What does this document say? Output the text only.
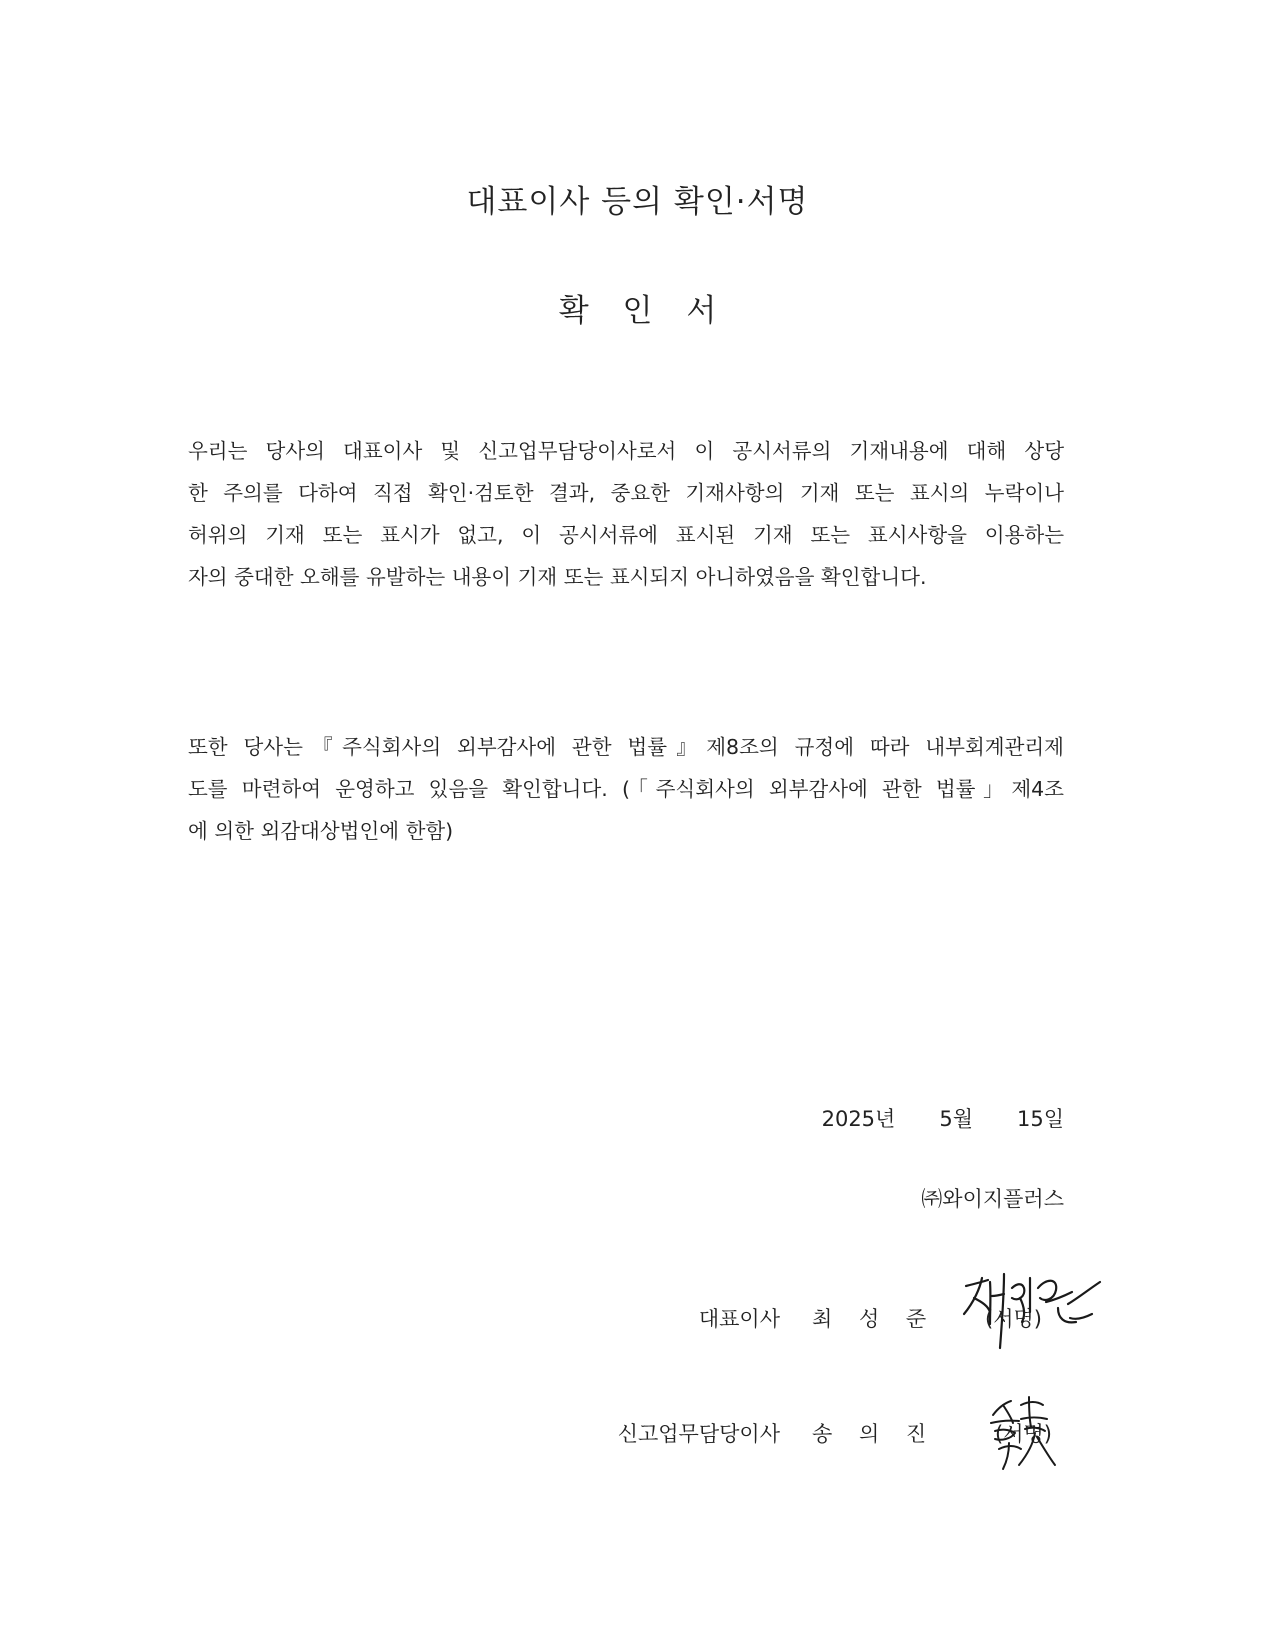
대표이사 등의 확인·서명
확 인 서

우리는 당사의 대표이사 및 신고업무담당이사로서 이 공시서류의 기재내용에 대해 상당
한 주의를 다하여 직접 확인·검토한 결과, 중요한 기재사항의 기재 또는 표시의 누락이나
허위의 기재 또는 표시가 없고, 이 공시서류에 표시된 기재 또는 표시사항을 이용하는
자의 중대한 오해를 유발하는 내용이 기재 또는 표시되지 아니하였음을 확인합니다.

또한 당사는『주식회사의 외부감사에 관한 법률』제8조의 규정에 따라 내부회계관리제
도를 마련하여 운영하고 있음을 확인합니다. (「주식회사의 외부감사에 관한 법률」제4조
에 의한 외감대상법인에 한함)

2025년 5월 15일
㈜와이지플러스
대표이사 최 성 준 (서명)
신고업무담당이사 송 의 진	(서명)
